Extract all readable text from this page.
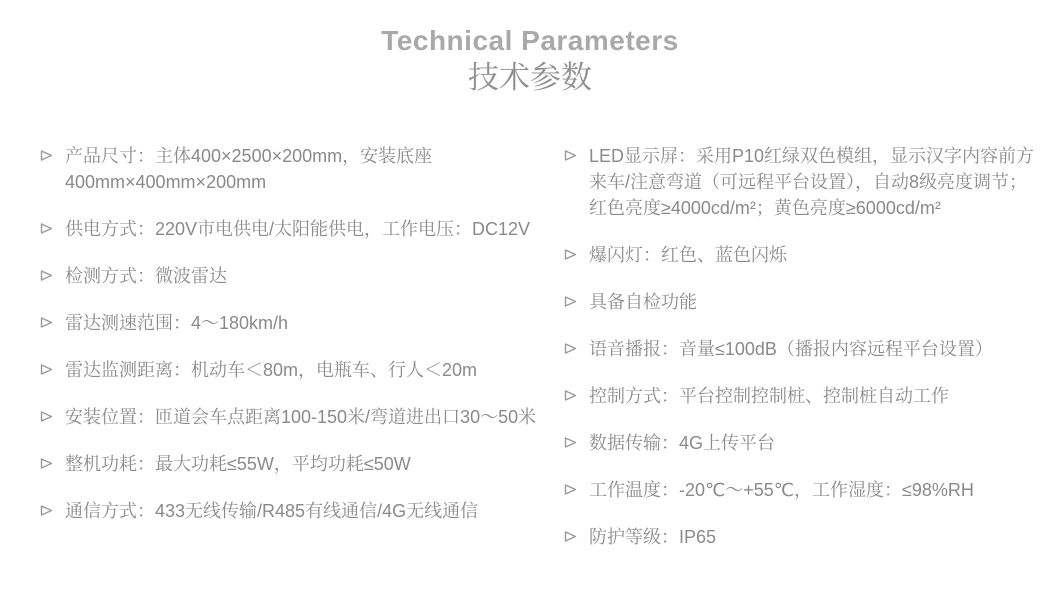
Technical Parameters
技术参数
产品尺寸：主体400×2500×200mm，安装底座400mm×400mm×200mm
供电方式：220V市电供电/太阳能供电，工作电压：DC12V
检测方式：微波雷达
雷达测速范围：4～180km/h
雷达监测距离：机动车＜80m，电瓶车、行人＜20m
安装位置：匝道会车点距离100-150米/弯道进出口30～50米
整机功耗：最大功耗≤55W，平均功耗≤50W
通信方式：433无线传输/R485有线通信/4G无线通信
LED显示屏：采用P10红绿双色模组，显示汉字内容前方来车/注意弯道（可远程平台设置），自动8级亮度调节；红色亮度≥4000cd/m²；黄色亮度≥6000cd/m²
爆闪灯：红色、蓝色闪烁
具备自检功能
语音播报：音量≤100dB（播报内容远程平台设置）
控制方式：平台控制控制桩、控制桩自动工作
数据传输：4G上传平台
工作温度：-20℃～+55℃，工作湿度：≤98%RH
防护等级：IP65
